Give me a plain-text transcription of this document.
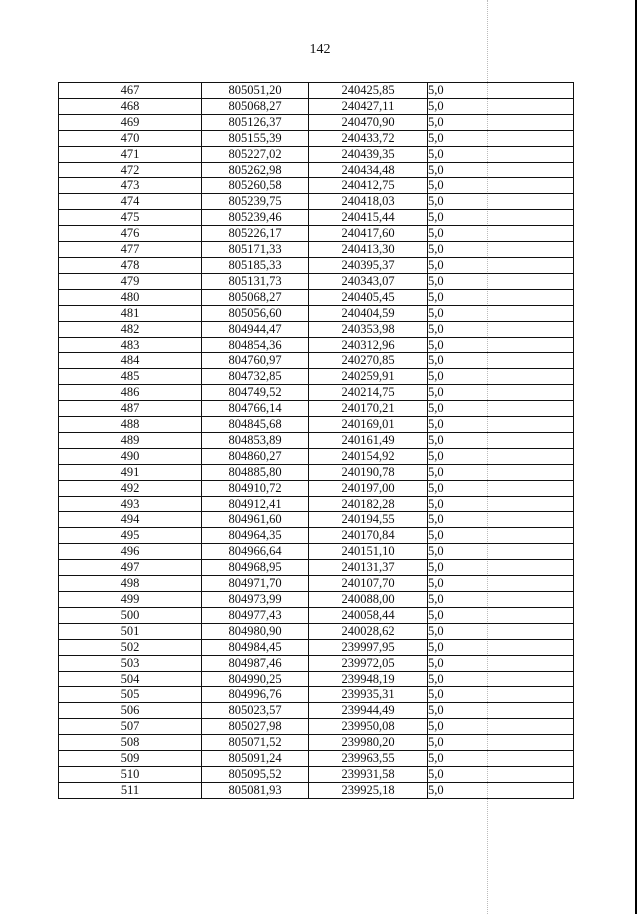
142
467	805051,20	240425,85	5,0
468	805068,27	240427,11	5,0
469	805126,37	240470,90	5,0
470	805155,39	240433,72	5,0
471	805227,02	240439,35	5,0
472	805262,98	240434,48	5,0
473	805260,58	240412,75	5,0
474	805239,75	240418,03	5,0
475	805239,46	240415,44	5,0
476	805226,17	240417,60	5,0
477	805171,33	240413,30	5,0
478	805185,33	240395,37	5,0
479	805131,73	240343,07	5,0
480	805068,27	240405,45	5,0
481	805056,60	240404,59	5,0
482	804944,47	240353,98	5,0
483	804854,36	240312,96	5,0
484	804760,97	240270,85	5,0
485	804732,85	240259,91	5,0
486	804749,52	240214,75	5,0
487	804766,14	240170,21	5,0
488	804845,68	240169,01	5,0
489	804853,89	240161,49	5,0
490	804860,27	240154,92	5,0
491	804885,80	240190,78	5,0
492	804910,72	240197,00	5,0
493	804912,41	240182,28	5,0
494	804961,60	240194,55	5,0
495	804964,35	240170,84	5,0
496	804966,64	240151,10	5,0
497	804968,95	240131,37	5,0
498	804971,70	240107,70	5,0
499	804973,99	240088,00	5,0
500	804977,43	240058,44	5,0
501	804980,90	240028,62	5,0
502	804984,45	239997,95	5,0
503	804987,46	239972,05	5,0
504	804990,25	239948,19	5,0
505	804996,76	239935,31	5,0
506	805023,57	239944,49	5,0
507	805027,98	239950,08	5,0
508	805071,52	239980,20	5,0
509	805091,24	239963,55	5,0
510	805095,52	239931,58	5,0
511	805081,93	239925,18	5,0
